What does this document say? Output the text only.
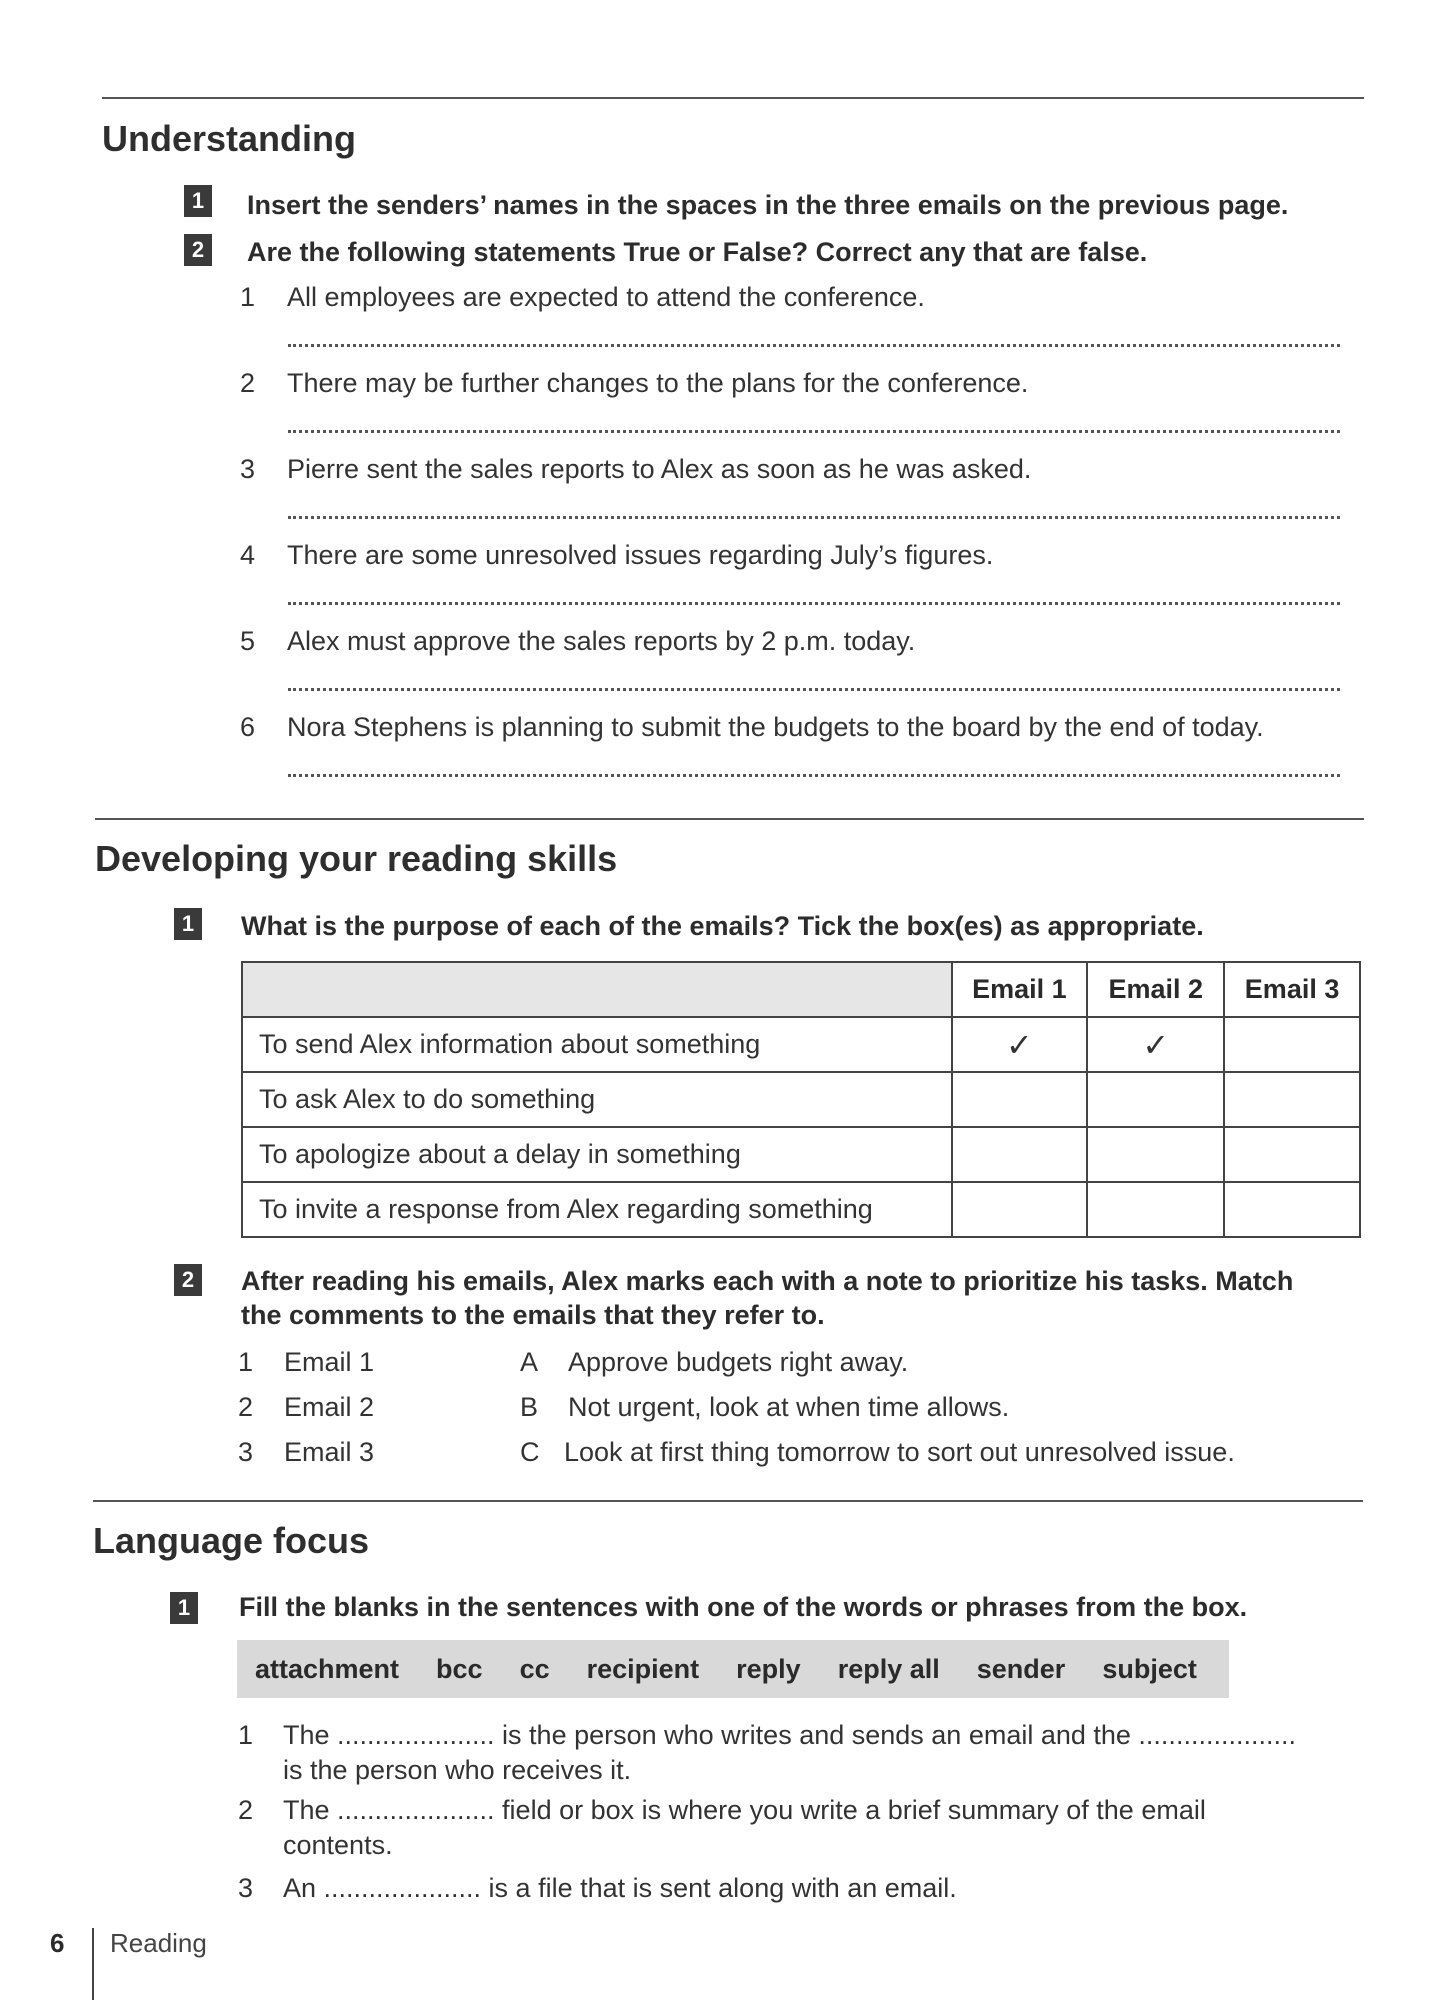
Understanding
1 Insert the senders’ names in the spaces in the three emails on the previous page.
2 Are the following statements True or False? Correct any that are false.
1 All employees are expected to attend the conference.
2 There may be further changes to the plans for the conference.
3 Pierre sent the sales reports to Alex as soon as he was asked.
4 There are some unresolved issues regarding July’s figures.
5 Alex must approve the sales reports by 2 p.m. today.
6 Nora Stephens is planning to submit the budgets to the board by the end of today.
Developing your reading skills
1 What is the purpose of each of the emails? Tick the box(es) as appropriate.
	Email 1	Email 2	Email 3
To send Alex information about something	✓	✓	
To ask Alex to do something			
To apologize about a delay in something			
To invite a response from Alex regarding something			
2 After reading his emails, Alex marks each with a note to prioritize his tasks. Match
the comments to the emails that they refer to.
1 Email 1	A Approve budgets right away.
2 Email 2	B Not urgent, look at when time allows.
3 Email 3	C Look at first thing tomorrow to sort out unresolved issue.
Language focus
1 Fill the blanks in the sentences with one of the words or phrases from the box.
attachment bcc cc recipient reply reply all sender subject
1 The ..................... is the person who writes and sends an email and the .....................
is the person who receives it.
2 The ..................... field or box is where you write a brief summary of the email
contents.
3 An ..................... is a file that is sent along with an email.
6 Reading
